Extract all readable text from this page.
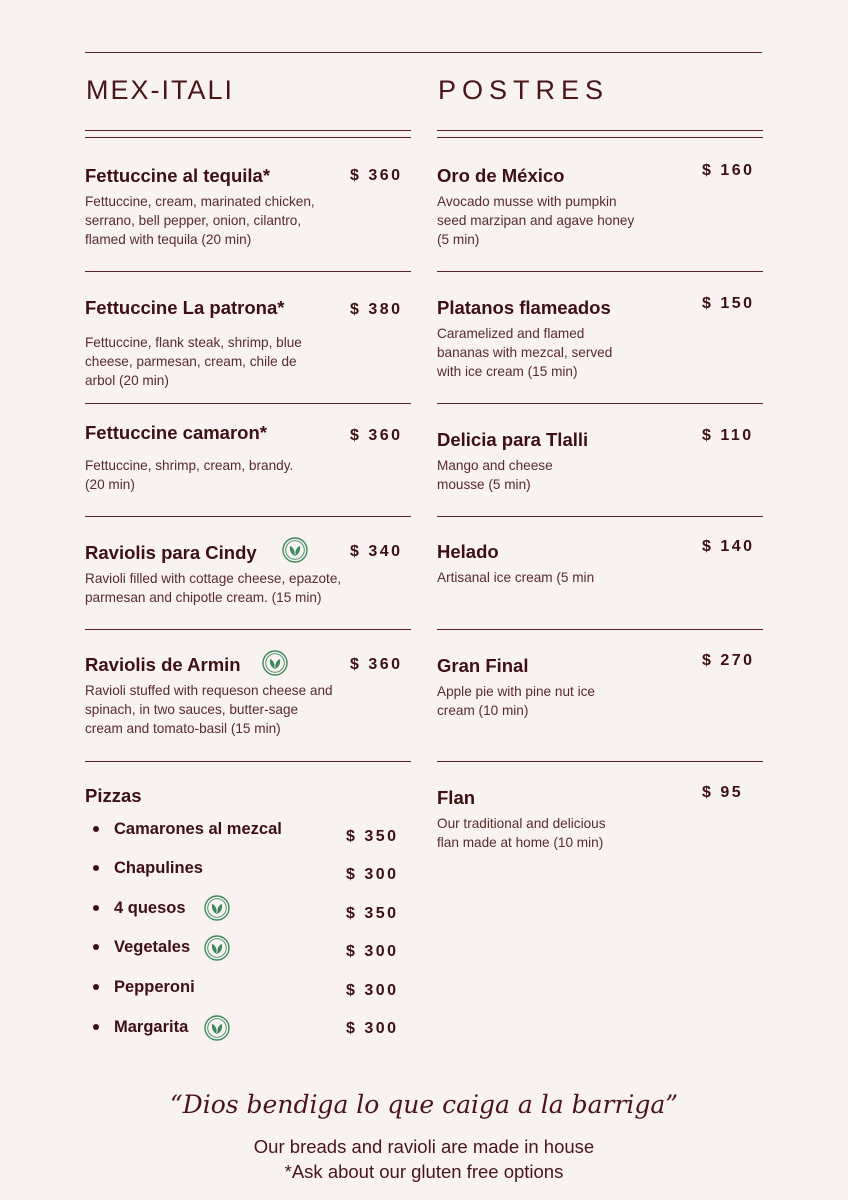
MEX-ITALI	POSTRES
Fettuccine al tequila*	$ 360
Fettuccine, cream, marinated chicken,
serrano, bell pepper, onion, cilantro,
flamed with tequila (20 min)
Fettuccine La patrona*	$ 380
Fettuccine, flank steak, shrimp, blue
cheese, parmesan, cream, chile de
arbol (20 min)
Fettuccine camaron*	$ 360
Fettuccine, shrimp, cream, brandy.
(20 min)
Raviolis para Cindy	$ 340
Ravioli filled with cottage cheese, epazote,
parmesan and chipotle cream. (15 min)
Raviolis de Armin	$ 360
Ravioli stuffed with requeson cheese and
spinach, in two sauces, butter-sage
cream and tomato-basil (15 min)
Pizzas
Camarones al mezcal	$ 350
Chapulines	$ 300
4 quesos	$ 350
Vegetales	$ 300
Pepperoni	$ 300
Margarita	$ 300
Oro de México	$ 160
Avocado musse with pumpkin
seed marzipan and agave honey
(5 min)
Platanos flameados	$ 150
Caramelized and flamed
bananas with mezcal, served
with ice cream (15 min)
Delicia para Tlalli	$ 110
Mango and cheese
mousse (5 min)
Helado	$ 140
Artisanal ice cream (5 min
Gran Final	$ 270
Apple pie with pine nut ice
cream (10 min)
Flan	$ 95
Our traditional and delicious
flan made at home (10 min)
“Dios bendiga lo que caiga a la barriga”
Our breads and ravioli are made in house
*Ask about our gluten free options
